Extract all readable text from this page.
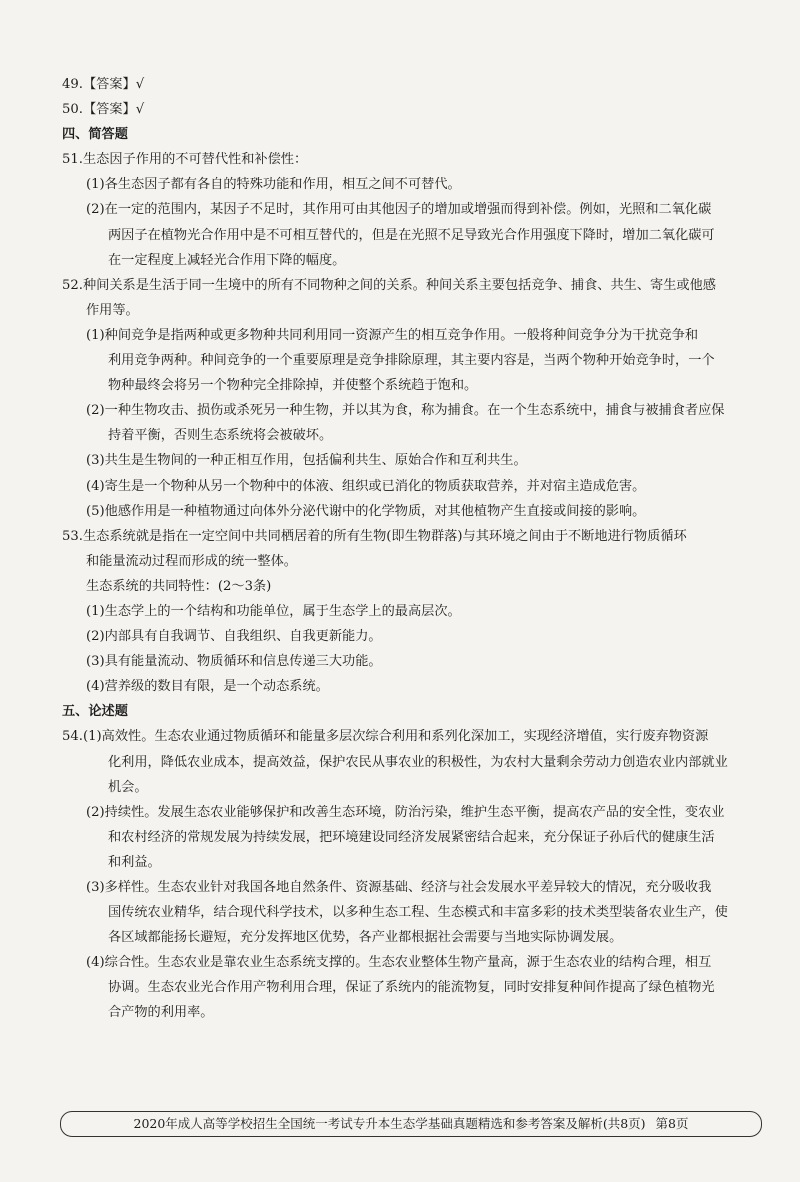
49.【答案】√
50.【答案】√
四、简答题
51.生态因子作用的不可替代性和补偿性：
(1)各生态因子都有各自的特殊功能和作用，相互之间不可替代。
(2)在一定的范围内，某因子不足时，其作用可由其他因子的增加或增强而得到补偿。例如，光照和二氧化碳
两因子在植物光合作用中是不可相互替代的，但是在光照不足导致光合作用强度下降时，增加二氧化碳可
在一定程度上减轻光合作用下降的幅度。
52.种间关系是生活于同一生境中的所有不同物种之间的关系。种间关系主要包括竞争、捕食、共生、寄生或他感
作用等。
(1)种间竞争是指两种或更多物种共同利用同一资源产生的相互竞争作用。一般将种间竞争分为干扰竞争和
利用竞争两种。种间竞争的一个重要原理是竞争排除原理，其主要内容是，当两个物种开始竞争时，一个
物种最终会将另一个物种完全排除掉，并使整个系统趋于饱和。
(2)一种生物攻击、损伤或杀死另一种生物，并以其为食，称为捕食。在一个生态系统中，捕食与被捕食者应保
持着平衡，否则生态系统将会被破坏。
(3)共生是生物间的一种正相互作用，包括偏利共生、原始合作和互利共生。
(4)寄生是一个物种从另一个物种中的体液、组织或已消化的物质获取营养，并对宿主造成危害。
(5)他感作用是一种植物通过向体外分泌代谢中的化学物质，对其他植物产生直接或间接的影响。
53.生态系统就是指在一定空间中共同栖居着的所有生物(即生物群落)与其环境之间由于不断地进行物质循环
和能量流动过程而形成的统一整体。
生态系统的共同特性：(2～3条)
(1)生态学上的一个结构和功能单位，属于生态学上的最高层次。
(2)内部具有自我调节、自我组织、自我更新能力。
(3)具有能量流动、物质循环和信息传递三大功能。
(4)营养级的数目有限，是一个动态系统。
五、论述题
54.(1)高效性。生态农业通过物质循环和能量多层次综合利用和系列化深加工，实现经济增值，实行废弃物资源
化利用，降低农业成本，提高效益，保护农民从事农业的积极性，为农村大量剩余劳动力创造农业内部就业
机会。
(2)持续性。发展生态农业能够保护和改善生态环境，防治污染，维护生态平衡，提高农产品的安全性，变农业
和农村经济的常规发展为持续发展，把环境建设同经济发展紧密结合起来，充分保证子孙后代的健康生活
和利益。
(3)多样性。生态农业针对我国各地自然条件、资源基础、经济与社会发展水平差异较大的情况，充分吸收我
国传统农业精华，结合现代科学技术，以多种生态工程、生态模式和丰富多彩的技术类型装备农业生产，使
各区域都能扬长避短，充分发挥地区优势，各产业都根据社会需要与当地实际协调发展。
(4)综合性。生态农业是靠农业生态系统支撑的。生态农业整体生物产量高，源于生态农业的结构合理，相互
协调。生态农业光合作用产物利用合理，保证了系统内的能流物复，同时安排复种间作提高了绿色植物光
合产物的利用率。
2020年成人高等学校招生全国统一考试专升本生态学基础真题精选和参考答案及解析(共8页) 第8页
